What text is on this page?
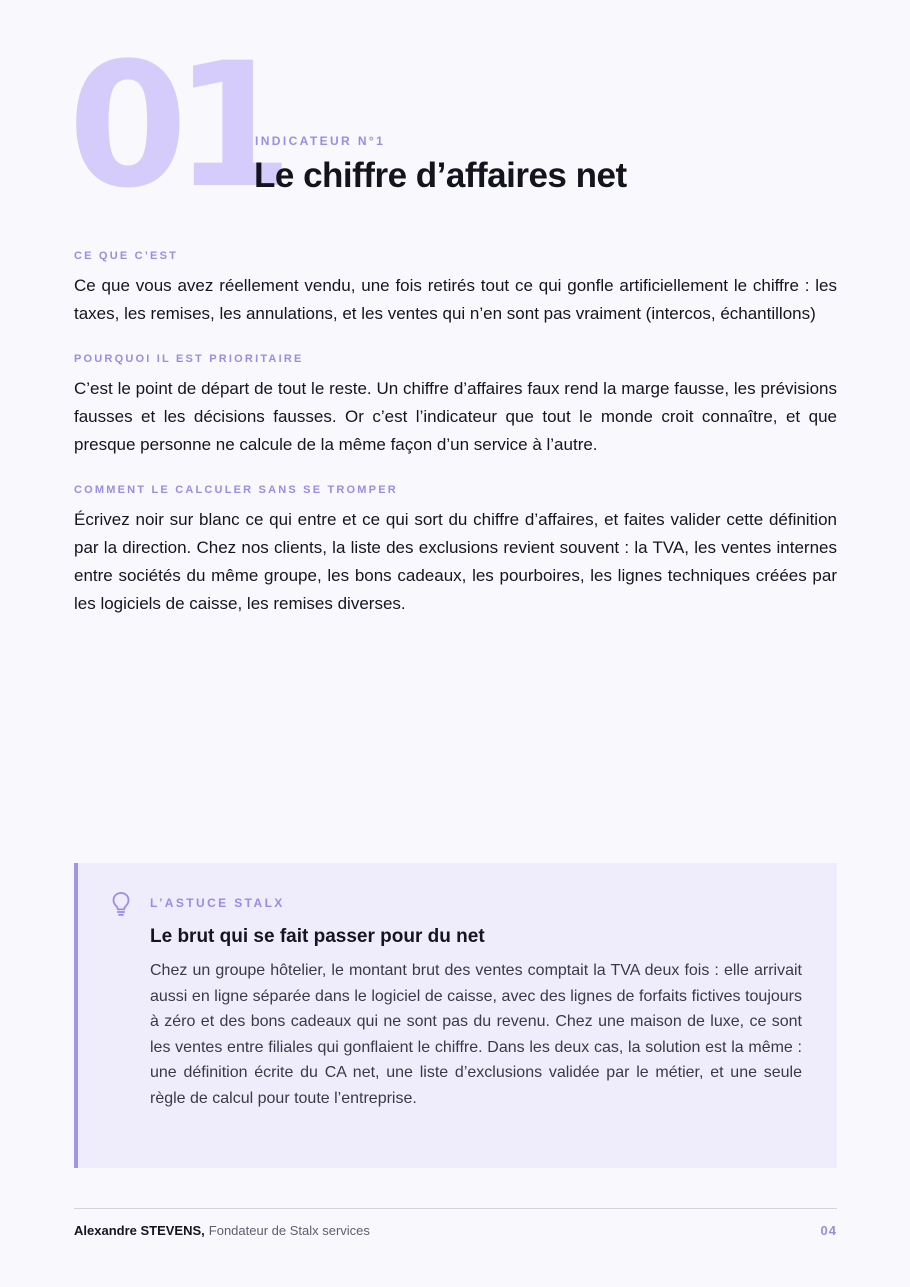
01
INDICATEUR N°1
Le chiffre d’affaires net

CE QUE C’EST

Ce que vous avez réellement vendu, une fois retirés tout ce qui gonfle artificiellement le chiffre : les taxes, les remises, les annulations, et les ventes qui n’en sont pas vraiment (intercos, échantillons)

POURQUOI IL EST PRIORITAIRE

C’est le point de départ de tout le reste. Un chiffre d’affaires faux rend la marge fausse, les prévisions fausses et les décisions fausses. Or c’est l’indicateur que tout le monde croit connaître, et que presque personne ne calcule de la même façon d’un service à l’autre.

COMMENT LE CALCULER SANS SE TROMPER

Écrivez noir sur blanc ce qui entre et ce qui sort du chiffre d’affaires, et faites valider cette définition par la direction. Chez nos clients, la liste des exclusions revient souvent : la TVA, les ventes internes entre sociétés du même groupe, les bons cadeaux, les pourboires, les lignes techniques créées par les logiciels de caisse, les remises diverses.

L’ASTUCE STALX
Le brut qui se fait passer pour du net
Chez un groupe hôtelier, le montant brut des ventes comptait la TVA deux fois : elle arrivait aussi en ligne séparée dans le logiciel de caisse, avec des lignes de forfaits fictives toujours à zéro et des bons cadeaux qui ne sont pas du revenu. Chez une maison de luxe, ce sont les ventes entre filiales qui gonflaient le chiffre. Dans les deux cas, la solution est la même : une définition écrite du CA net, une liste d’exclusions validée par le métier, et une seule règle de calcul pour toute l’entreprise.
Alexandre STEVENS, Fondateur de Stalx services	04
